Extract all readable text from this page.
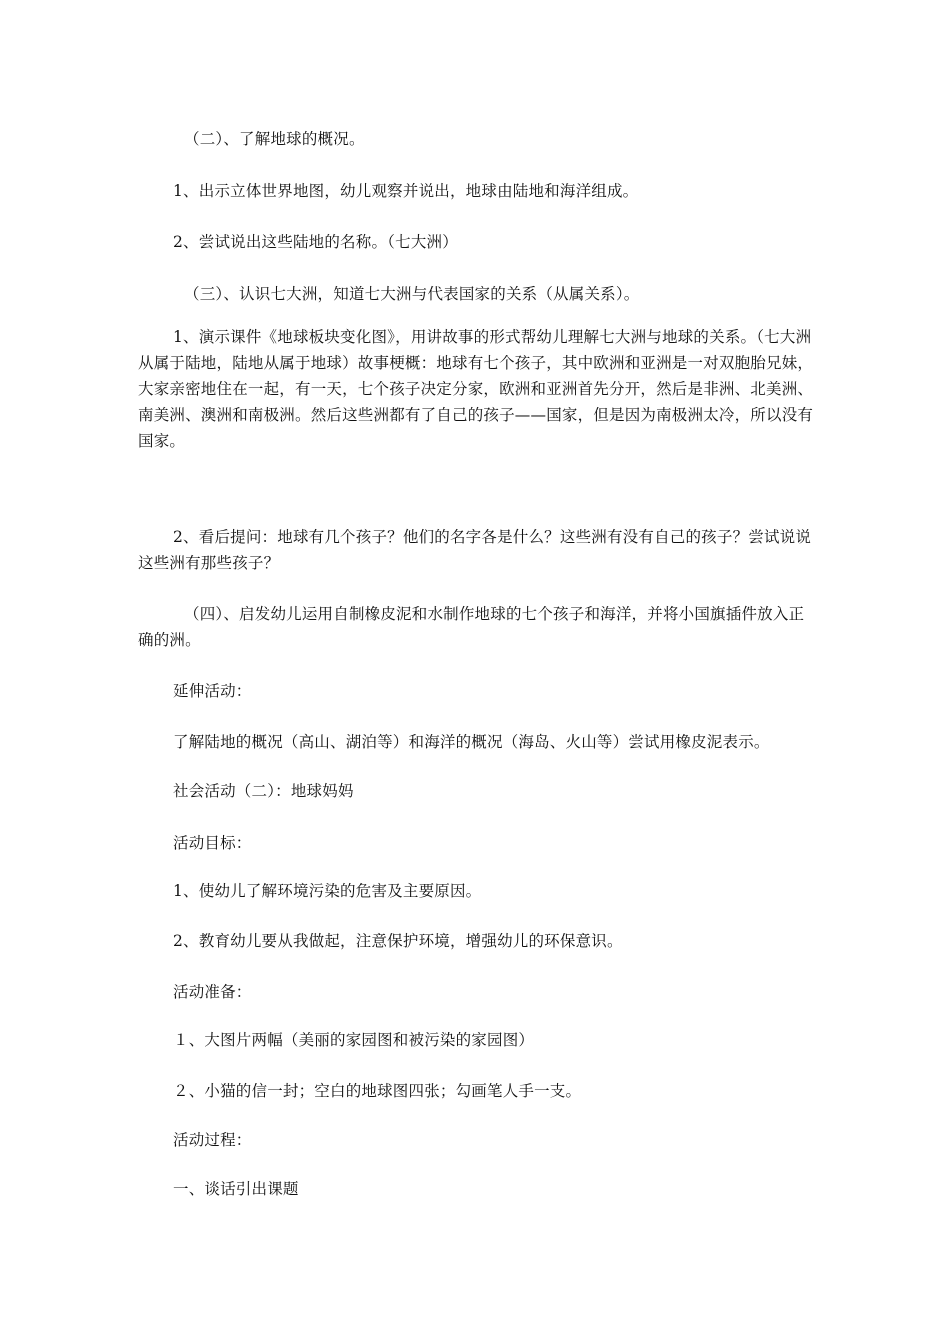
（二）、了解地球的概况。

1、出示立体世界地图，幼儿观察并说出，地球由陆地和海洋组成。

2、尝试说出这些陆地的名称。（七大洲）

（三）、认识七大洲，知道七大洲与代表国家的关系（从属关系）。

1、演示课件《地球板块变化图》，用讲故事的形式帮幼儿理解七大洲与地球的关系。（七大洲从属于陆地，陆地从属于地球）故事梗概：地球有七个孩子，其中欧洲和亚洲是一对双胞胎兄妹，大家亲密地住在一起，有一天，七个孩子决定分家，欧洲和亚洲首先分开，然后是非洲、北美洲、南美洲、澳洲和南极洲。然后这些洲都有了自己的孩子——国家，但是因为南极洲太冷，所以没有国家。

2、看后提问：地球有几个孩子？他们的名字各是什么？这些洲有没有自己的孩子？尝试说说这些洲有那些孩子？

（四）、启发幼儿运用自制橡皮泥和水制作地球的七个孩子和海洋，并将小国旗插件放入正确的洲。

延伸活动：

了解陆地的概况（高山、湖泊等）和海洋的概况（海岛、火山等）尝试用橡皮泥表示。

社会活动（二）：地球妈妈

活动目标：

1、使幼儿了解环境污染的危害及主要原因。

2、教育幼儿要从我做起，注意保护环境，增强幼儿的环保意识。

活动准备：

１、大图片两幅（美丽的家园图和被污染的家园图）

２、小猫的信一封；空白的地球图四张；勾画笔人手一支。

活动过程：

一、谈话引出课题
